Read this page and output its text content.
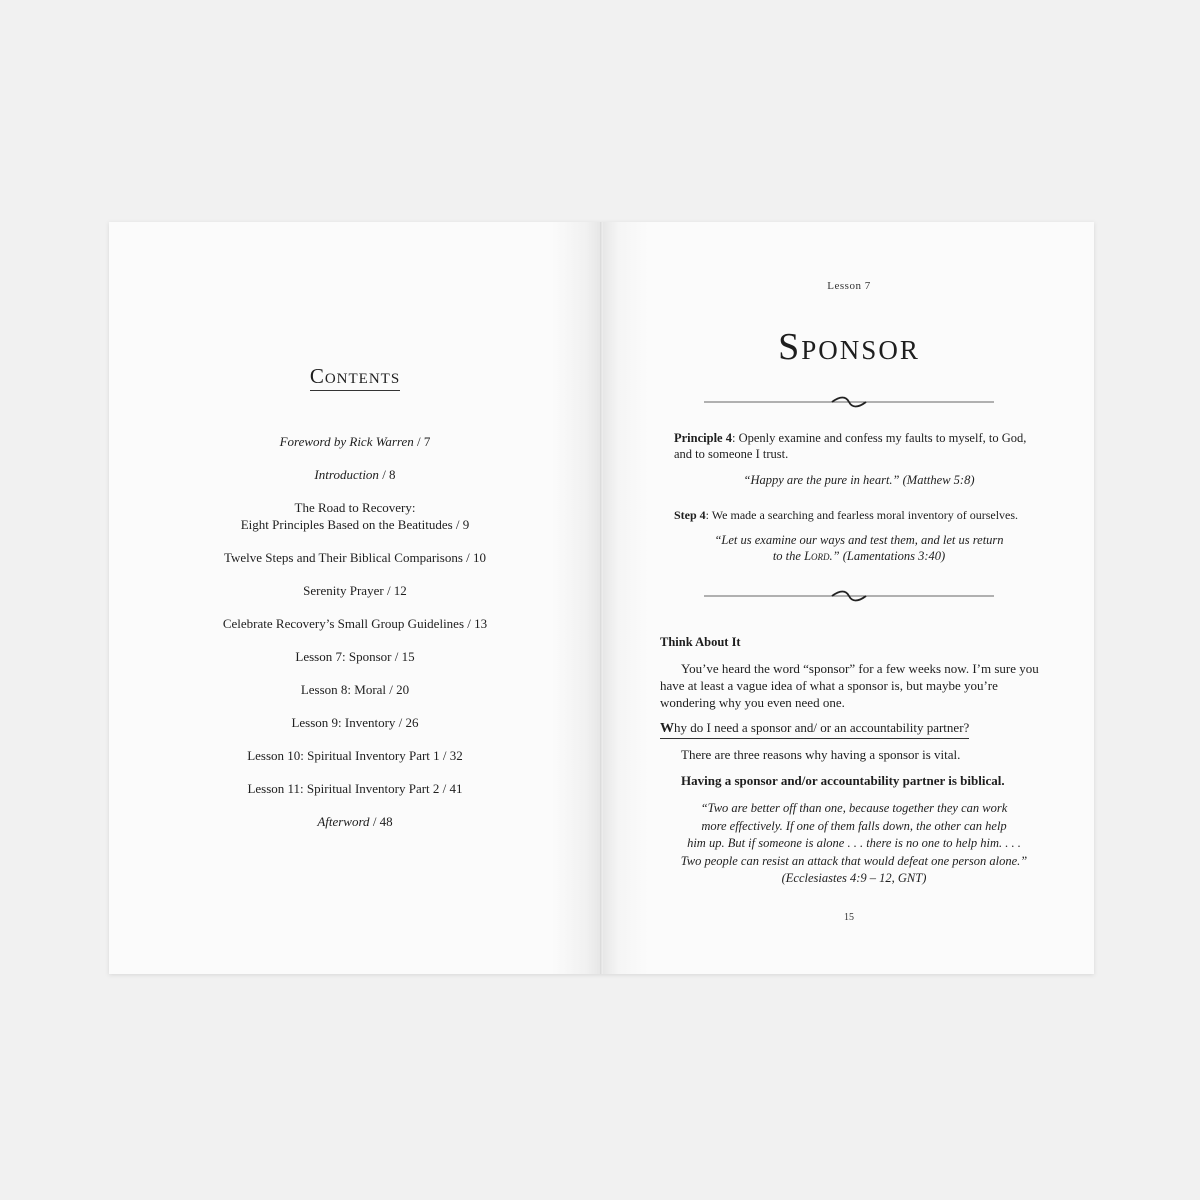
Contents
Foreword by Rick Warren / 7
Introduction / 8
The Road to Recovery:
Eight Principles Based on the Beatitudes / 9
Twelve Steps and Their Biblical Comparisons / 10
Serenity Prayer / 12
Celebrate Recovery’s Small Group Guidelines / 13
Lesson 7: Sponsor / 15
Lesson 8: Moral / 20
Lesson 9: Inventory / 26
Lesson 10: Spiritual Inventory Part 1 / 32
Lesson 11: Spiritual Inventory Part 2 / 41
Afterword / 48
Lesson 7
Sponsor
Principle 4: Openly examine and confess my faults to myself, to God, and to someone I trust.
“Happy are the pure in heart.” (Matthew 5:8)
Step 4: We made a searching and fearless moral inventory of ourselves.
“Let us examine our ways and test them, and let us return
to the Lord.” (Lamentations 3:40)
Think About It
You’ve heard the word “sponsor” for a few weeks now. I’m sure you have at least a vague idea of what a sponsor is, but maybe you’re wondering why you even need one.
Why do I need a sponsor and/ or an accountability partner?
There are three reasons why having a sponsor is vital.
Having a sponsor and/or accountability partner is biblical.
“Two are better off than one, because together they can work
more effectively. If one of them falls down, the other can help
him up. But if someone is alone . . . there is no one to help him. . . .
Two people can resist an attack that would defeat one person alone.”
(Ecclesiastes 4:9 – 12, GNT)
15
